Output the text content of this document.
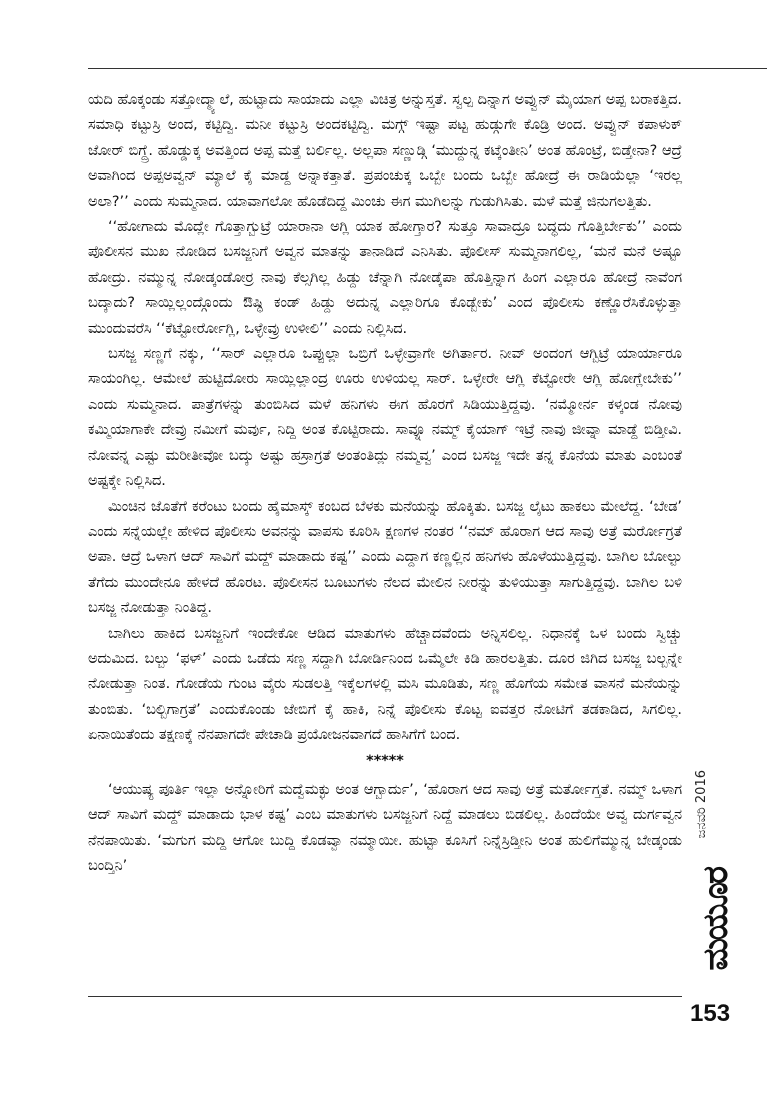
ಯದಿ ಹೊಕ್ಕಂಡು ಸತ್ತೋದ್ಮ್ಯಾಲೆ, ಹುಟ್ಟಾದು ಸಾಯಾದು ಎಲ್ಲಾ ವಿಚಿತ್ರ ಅನ್ನುಸ್ತತೆ. ಸ್ವಲ್ಪ ದಿನ್ನಾಗ ಅವ್ವುನ್ ಮೈಯಾಗ ಅಪ್ಪ ಬರಾಕತ್ತಿದ. ಸಮಾಧಿ ಕಟ್ಟುಸ್ರಿ ಅಂದ, ಕಟ್ಟಿದ್ವಿ. ಮನೀ ಕಟ್ಟುಸ್ರಿ ಅಂದಕಟ್ಟಿದ್ವಿ. ಮಗ್ಗ್ ಇಷ್ಟಾ ಪಟ್ಟ ಹುಡ್ಗುಗೇ ಕೊಡ್ರಿ ಅಂದ. ಅವ್ವುನ್ ಕಪಾಳುಕ್ ಜೋರ್ ಬಿಗ್ದ್ರೆ. ಹೊಡ್ಡುಕ್ಕ ಅವತ್ತಿಂದ ಅಪ್ಪ ಮತ್ತೆ ಬರ್ಲಿಲ್ಲ. ಅಲ್ಲಪಾ ಸಣ್ಣುಡ್ಗಿ ‘ಮುದ್ದುನ್ನ ಕಟ್ಕೆಂತೀನಿ’ ಅಂತ ಹೊಂಟ್ರೆ, ಬಿಡ್ತೇನಾ? ಆದ್ರೆ ಅವಾಗಿಂದ ಅಪ್ಪಅವ್ವನ್ ಮ್ಯಾಲೆ ಕೈ ಮಾಡ್ದ ಅನ್ನಾಕತ್ತಾತೆ. ಪ್ರಪಂಚುಕ್ಕ ಒಬ್ಬೇ ಬಂದು ಒಬ್ಬೇ ಹೋದ್ರೆ ಈ ರಾಡಿಯೆಲ್ಲಾ ‘ಇರಲ್ಲ ಅಲಾ?’’ ಎಂದು ಸುಮ್ಮನಾದ. ಯಾವಾಗಲೋ ಹೊಡೆದಿದ್ದ ಮಿಂಚು ಈಗ ಮುಗಿಲನ್ನು ಗುಡುಗಿಸಿತು. ಮಳೆ ಮತ್ತೆ ಜಿನುಗಲತ್ತಿತು.

‘‘ಹೋಗಾದು ಮೊದ್ಲೇ ಗೊತ್ತಾಗ್ಬುಟ್ರೆ ಯಾರಾನಾ ಅಗ್ಲಿ ಯಾಕ ಹೋಗ್ತಾರ? ಸುತ್ತೂ ಸಾವಾದ್ರೂ ಬದ್ಧದು ಗೊತ್ತಿರ್ಬೇಕು’’ ಎಂದು ಪೊಲೀಸನ ಮುಖ ನೋಡಿದ ಬಸಜ್ಜನಿಗೆ ಅವ್ವನ ಮಾತನ್ನು ತಾನಾಡಿದೆ ಎನಿಸಿತು. ಪೊಲೀಸ್ ಸುಮ್ಮನಾಗಲಿಲ್ಲ, ‘ಮನೆ ಮನೆ ಅಷ್ಟೂ ಹೋದ್ರು. ನಮ್ಮುನ್ನ ನೋಡ್ಕಂಡೋರ್ರ ನಾವು ಕೆಲ್ಸಗಿಲ್ಲ ಹಿಡ್ದು ಚೆನ್ನಾಗಿ ನೋಡ್ಕೆಪಾ ಹೊತ್ತಿನ್ನಾಗ ಹಿಂಗ ಎಲ್ಲಾರೂ ಹೋದ್ರೆ ನಾವೆಂಗ ಬದ್ಕಾದು? ಸಾಯ್ಲಿಲ್ಲಂದ್ಗೊಂದು ಔಷ್ಧಿ ಕಂಡ್ ಹಿಡ್ದು ಅದುನ್ನ ಎಲ್ಲಾರಿಗೂ ಕೊಡ್ಬೇಕು’ ಎಂದ ಪೊಲೀಸು ಕಣ್ಣೊರೆಸಿಕೊಳ್ಳುತ್ತಾ ಮುಂದುವರೆಸಿ ‘‘ಕೆಟ್ಟೋರ್ರೋಗ್ಲಿ, ಒಳ್ಳೇವ್ರು ಉಳೀಲಿ’’ ಎಂದು ನಿಲ್ಲಿಸಿದ.

ಬಸಜ್ಜ ಸಣ್ಣಗೆ ನಕ್ಕು, ‘‘ಸಾರ್ ಎಲ್ಲಾರೂ ಒಪ್ಪುಲ್ಲಾ ಒಬ್ರಿಗೆ ಒಳ್ಳೇವ್ರಾಗೇ ಅಗಿರ್ತಾರ. ನೀವ್ ಅಂದಂಗ ಆಗ್ಬಿಟ್ರೆ ಯಾರ್ಯಾರೂ ಸಾಯಂಗಿಲ್ಲ. ಆಮೇಲೆ ಹುಟ್ಟಿದೋರು ಸಾಯ್ಲಿಲ್ಲಾಂದ್ರ ಊರು ಉಳಿಯಲ್ಲ ಸಾರ್. ಒಳ್ಳೇರೇ ಆಗ್ಲಿ ಕೆಟ್ಟೋರೇ ಆಗ್ಲಿ ಹೋಗ್ಲೇಬೇಕು’’ ಎಂದು ಸುಮ್ಮನಾದ. ಪಾತ್ರೆಗಳನ್ನು ತುಂಬಿಸಿದ ಮಳೆ ಹನಿಗಳು ಈಗ ಹೊರಗೆ ಸಿಡಿಯುತ್ತಿದ್ದವು. ‘ನಮ್ಮೋರ್ನ ಕಳ್ಕಂಡ ನೋವು ಕಮ್ಮಿಯಾಗಾಕೇ ದೇವ್ರು ನಮೀಗೆ ಮರ್ವು, ನಿದ್ದಿ ಅಂತ ಕೊಟ್ಟಿರಾದು. ಸಾವ್ನೂ ನಮ್ಮ್ ಕೈಯಾಗ್ ಇಟ್ರೆ ನಾವು ಜೀವ್ನಾ ಮಾಡ್ದೆ ಬಿಡ್ತೀವಿ. ನೋವನ್ನ ಎಷ್ಟು ಮರೀತೀವೋ ಬದ್ಕು ಅಷ್ಟು ಹಸ್ರಾಗ್ರತೆ ಅಂತಂತಿದ್ಲು ನಮ್ಮವ್ವ’ ಎಂದ ಬಸಜ್ಜ ಇದೇ ತನ್ನ ಕೊನೆಯ ಮಾತು ಎಂಬಂತೆ ಅಷ್ಟಕ್ಕೇ ನಿಲ್ಲಿಸಿದ.

ಮಿಂಚಿನ ಜೊತೆಗೆ ಕರೆಂಟು ಬಂದು ಹೈಮಾಸ್ಕ್ ಕಂಬದ ಬೆಳಕು ಮನೆಯನ್ನು ಹೊಕ್ಕಿತು. ಬಸಜ್ಜ ಲೈಟು ಹಾಕಲು ಮೇಲೆದ್ದ. ‘ಬೇಡ’ ಎಂದು ಸನ್ನೆಯಲ್ಲೇ ಹೇಳಿದ ಪೊಲೀಸು ಅವನನ್ನು ವಾಪಸು ಕೂರಿಸಿ ಕ್ಷಣಗಳ ನಂತರ ‘‘ನಮ್ ಹೊರಾಗ ಆದ ಸಾವು ಅತ್ರೆ ಮರ್ರೋಗ್ರತೆ ಅಪಾ. ಆದ್ರೆ ಒಳಾಗ ಆದ್ ಸಾವಿಗೆ ಮದ್ದ್ ಮಾಡಾದು ಕಷ್ಟ’’ ಎಂದು ಎದ್ದಾಗ ಕಣ್ಣಲ್ಲಿನ ಹನಿಗಳು ಹೊಳೆಯುತ್ತಿದ್ದವು. ಬಾಗಿಲ ಬೋಲ್ಟು ತೆಗೆದು ಮುಂದೇನೂ ಹೇಳದೆ ಹೊರಟ. ಪೊಲೀಸನ ಬೂಟುಗಳು ನೆಲದ ಮೇಲಿನ ನೀರನ್ನು ತುಳಿಯುತ್ತಾ ಸಾಗುತ್ತಿದ್ದವು. ಬಾಗಿಲ ಬಳಿ ಬಸಜ್ಜ ನೋಡುತ್ತಾ ನಿಂತಿದ್ದ.

ಬಾಗಿಲು ಹಾಕಿದ ಬಸಜ್ಜನಿಗೆ ಇಂದೇಕೋ ಆಡಿದ ಮಾತುಗಳು ಹೆಚ್ಚಾದವೆಂದು ಅನ್ನಿಸಲಿಲ್ಲ. ನಿಧಾನಕ್ಕೆ ಒಳ ಬಂದು ಸ್ವಿಚ್ಚು ಅದುಮಿದ. ಬಲ್ಬು ‘ಫಳ್’ ಎಂದು ಒಡೆದು ಸಣ್ಣ ಸದ್ದಾಗಿ ಬೋರ್ಡಿನಿಂದ ಒಮ್ಮೆಲೇ ಕಿಡಿ ಹಾರಲತ್ತಿತು. ದೂರ ಜಿಗಿದ ಬಸಜ್ಜ ಬಲ್ಬನ್ನೇ ನೋಡುತ್ತಾ ನಿಂತ. ಗೋಡೆಯ ಗುಂಟ ವೈರು ಸುಡಲತ್ತಿ ಇಕ್ಕೆಲಗಳಲ್ಲಿ ಮಸಿ ಮೂಡಿತು, ಸಣ್ಣ ಹೊಗೆಯ ಸಮೇತ ವಾಸನೆ ಮನೆಯನ್ನು ತುಂಬಿತು. ‘ಬಲ್ಬಿಗಾಗ್ರತೆ’ ಎಂದುಕೊಂಡು ಜೇಬಿಗೆ ಕೈ ಹಾಕಿ, ನಿನ್ನೆ ಪೊಲೀಸು ಕೊಟ್ಟ ಐವತ್ತರ ನೋಟಿಗೆ ತಡಕಾಡಿದ, ಸಿಗಲಿಲ್ಲ. ಏನಾಯಿತೆಂದು ತಕ್ಷಣಕ್ಕೆ ನೆನಪಾಗದೇ ಪೇಚಾಡಿ ಪ್ರಯೋಜನವಾಗದೆ ಹಾಸಿಗೆಗೆ ಬಂದ.

*****

‘ಆಯುಷ್ಯ ಪೂರ್ತಿ ಇಲ್ಲಾ ಅನ್ನೋರಿಗೆ ಮದ್ವೆಮಕ್ಳು ಅಂತ ಆಗ್ಬಾರ್ದು’, ‘ಹೊರಾಗ ಆದ ಸಾವು ಅತ್ರೆ ಮರ್ತೋಗ್ತತೆ. ನಮ್ಮ್ ಒಳಾಗ ಆದ್ ಸಾವಿಗೆ ಮದ್ದ್ ಮಾಡಾದು ಭಾಳ ಕಷ್ಟ’ ಎಂಬ ಮಾತುಗಳು ಬಸಜ್ಜನಿಗೆ ನಿದ್ದೆ ಮಾಡಲು ಬಿಡಲಿಲ್ಲ. ಹಿಂದೆಯೇ ಅವ್ವ ದುರ್ಗವ್ವನ ನೆನಪಾಯಿತು. ‘ಮಗುಗ ಮದ್ದಿ ಆಗೋ ಬುದ್ದಿ ಕೊಡವ್ವಾ ನಮ್ಮಾಯೀ. ಹುಟ್ಟಾ ಕೂಸಿಗೆ ನಿನ್ನೆಸ್ರಿಡ್ತೀನಿ ಅಂತ ಹುಲಿಗೆಮ್ಮುನ್ನ ಬೇಡ್ಕಂಡು ಬಂದ್ತಿನಿ’

ಜನವರಿ 2016
ಮಯೂರ
153
